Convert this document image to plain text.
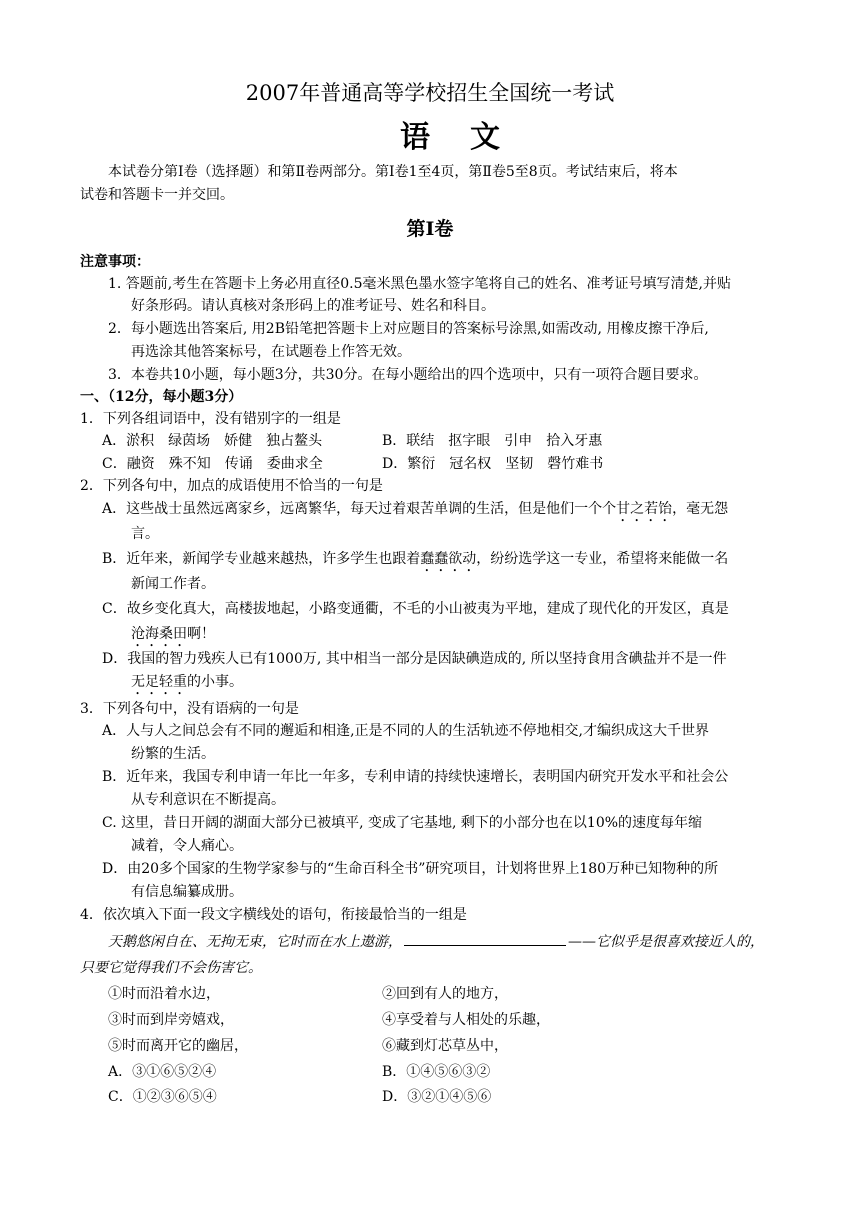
2007年普通高等学校招生全国统一考试
语文
本试卷分第Ⅰ卷（选择题）和第Ⅱ卷两部分。第Ⅰ卷1至4页，第Ⅱ卷5至8页。考试结束后，将本
试卷和答题卡一并交回。
第Ⅰ卷
注意事项：
1. 答题前,考生在答题卡上务必用直径0.5毫米黑色墨水签字笔将自己的姓名、准考证号填写清楚,并贴
好条形码。请认真核对条形码上的准考证号、姓名和科目。
2．每小题选出答案后, 用2B铅笔把答题卡上对应题目的答案标号涂黑,如需改动, 用橡皮擦干净后,
再选涂其他答案标号，在试题卷上作答无效。
3．本卷共10小题，每小题3分，共30分。在每小题给出的四个选项中，只有一项符合题目要求。
一、（12分，每小题3分）
1．下列各组词语中，没有错别字的一组是
A．淤积　绿茵场　娇健　独占鳌头	B．联结　抠字眼　引申　拾入牙惠
C．融资　殊不知　传诵　委曲求全	D．繁衍　冠名权　坚韧　磬竹难书
2．下列各句中，加点的成语使用不恰当的一句是
A．这些战士虽然远离家乡，远离繁华，每天过着艰苦单调的生活，但是他们一个个甘之若饴，毫无怨
言。
B．近年来，新闻学专业越来越热，许多学生也跟着蠢蠢欲动，纷纷选学这一专业，希望将来能做一名
新闻工作者。
C．故乡变化真大，高楼拔地起，小路变通衢，不毛的小山被夷为平地，建成了现代化的开发区，真是
沧海桑田啊！
D．我国的智力残疾人已有1000万, 其中相当一部分是因缺碘造成的, 所以坚持食用含碘盐并不是一件
无足轻重的小事。
3．下列各句中，没有语病的一句是
A．人与人之间总会有不同的邂逅和相逢,正是不同的人的生活轨迹不停地相交,才编织成这大千世界
纷繁的生活。
B．近年来，我国专利申请一年比一年多，专利申请的持续快速增长，表明国内研究开发水平和社会公
从专利意识在不断提高。
C. 这里，昔日开阔的湖面大部分已被填平, 变成了宅基地, 剩下的小部分也在以10%的速度每年缩
减着，令人痛心。
D．由20多个国家的生物学家参与的“生命百科全书”研究项目，计划将世界上180万种已知物种的所
有信息编纂成册。
4．依次填入下面一段文字横线处的语句，衔接最恰当的一组是
天鹅悠闲自在、无拘无束，它时而在水上遨游，	——它似乎是很喜欢接近人的，
只要它觉得我们不会伤害它。
①时而沿着水边，	②回到有人的地方，
③时而到岸旁嬉戏，	④享受着与人相处的乐趣，
⑤时而离开它的幽居，	⑥藏到灯芯草丛中，
A．③①⑥⑤②④	B．①④⑤⑥③②
C．①②③⑥⑤④	D．③②①④⑤⑥
